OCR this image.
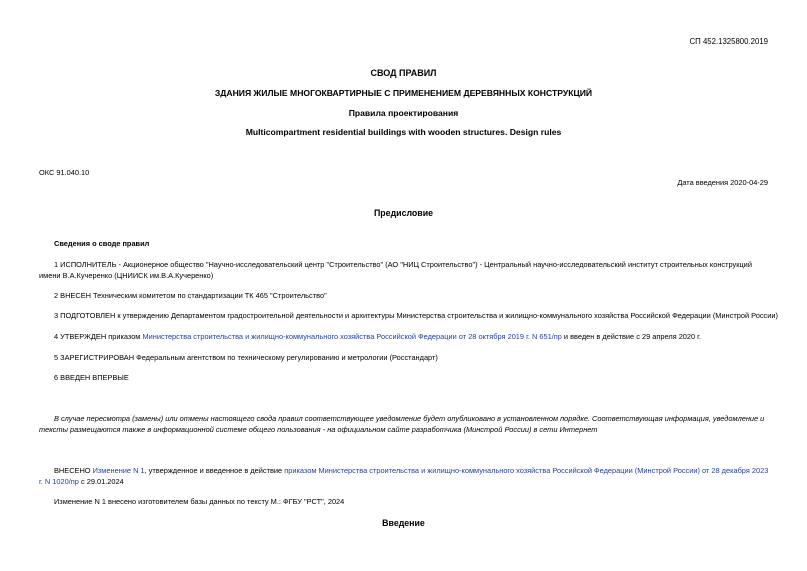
СП 452.1325800.2019
СВОД ПРАВИЛ
ЗДАНИЯ ЖИЛЫЕ МНОГОКВАРТИРНЫЕ С ПРИМЕНЕНИЕМ ДЕРЕВЯННЫХ КОНСТРУКЦИЙ
Правила проектирования
Multicompartment residential buildings with wooden structures. Design rules
ОКС 91.040.10
Дата введения 2020-04-29
Предисловие
Сведения о своде правил
1 ИСПОЛНИТЕЛЬ - Акционерное общество "Научно-исследовательский центр "Строительство" (АО "НИЦ Строительство") - Центральный научно-исследовательский институт строительных конструкций имени В.А.Кучеренко (ЦНИИСК им.В.А.Кучеренко)
2 ВНЕСЕН Техническим комитетом по стандартизации ТК 465 "Строительство"
3 ПОДГОТОВЛЕН к утверждению Департаментом градостроительной деятельности и архитектуры Министерства строительства и жилищно-коммунального хозяйства Российской Федерации (Минстрой России)
4 УТВЕРЖДЕН приказом Министерства строительства и жилищно-коммунального хозяйства Российской Федерации от 28 октября 2019 г. N 651/пр и введен в действие с 29 апреля 2020 г.
5 ЗАРЕГИСТРИРОВАН Федеральным агентством по техническому регулированию и метрологии (Росстандарт)
6 ВВЕДЕН ВПЕРВЫЕ
В случае пересмотра (замены) или отмены настоящего свода правил соответствующее уведомление будет опубликовано в установленном порядке. Соответствующая информация, уведомление и тексты размещаются также в информационной системе общего пользования - на официальном сайте разработчика (Минстрой России) в сети Интернет
ВНЕСЕНО Изменение N 1, утвержденное и введенное в действие приказом Министерства строительства и жилищно-коммунального хозяйства Российской Федерации (Минстрой России) от 28 декабря 2023 г. N 1020/пр с 29.01.2024
Изменение N 1 внесено изготовителем базы данных по тексту М.: ФГБУ "РСТ", 2024
Введение
